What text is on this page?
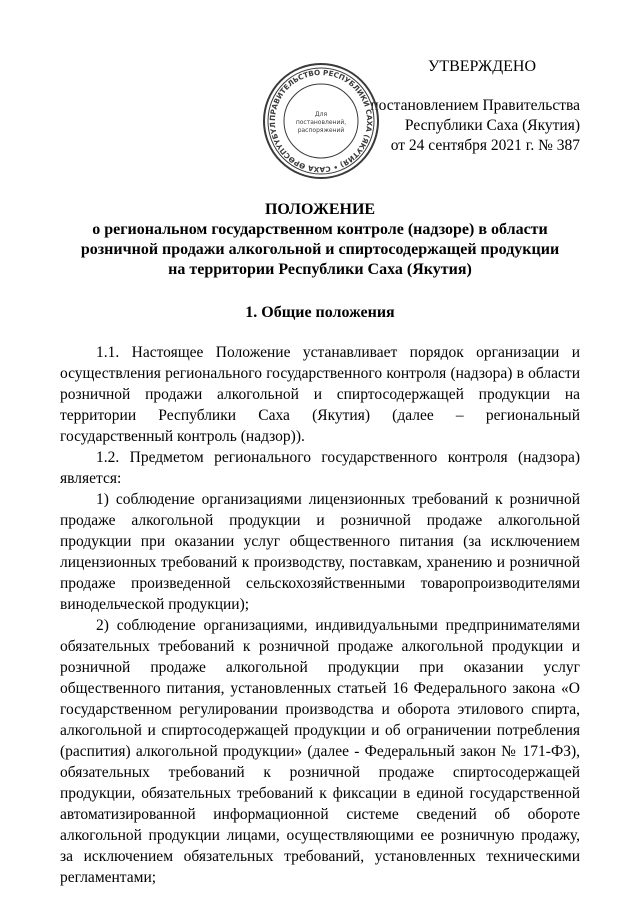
УТВЕРЖДЕНО
постановлением Правительства
Республики Саха (Якутия)
от 24 сентября 2021 г. № 387
ПРАВИТЕЛЬСТВО РЕСПУБЛИКИ САХА (ЯКУТИЯ) • САХА ӨРӨСПҮҮБҮЛ
Для
постановлений,
распоряжений
ПОЛОЖЕНИЕ
о региональном государственном контроле (надзоре) в области
розничной продажи алкогольной и спиртосодержащей продукции
на территории Республики Саха (Якутия)
1. Общие положения

1.1. Настоящее Положение устанавливает порядок организации и осуществления регионального государственного контроля (надзора) в области розничной продажи алкогольной и спиртосодержащей продукции на территории Республики Саха (Якутия) (далее – региональный государственный контроль (надзор)).

1.2. Предметом регионального государственного контроля (надзора) является:

1) соблюдение организациями лицензионных требований к розничной продаже алкогольной продукции и розничной продаже алкогольной продукции при оказании услуг общественного питания (за исключением лицензионных требований к производству, поставкам, хранению и розничной продаже произведенной сельскохозяйственными товаропроизводителями винодельческой продукции);

2) соблюдение организациями, индивидуальными предпринимателями обязательных требований к розничной продаже алкогольной продукции и розничной продаже алкогольной продукции при оказании услуг общественного питания, установленных статьей 16 Федерального закона «О государственном регулировании производства и оборота этилового спирта, алкогольной и спиртосодержащей продукции и об ограничении потребления (распития) алкогольной продукции» (далее - Федеральный закон № 171-ФЗ), обязательных требований к розничной продаже спиртосодержащей продукции, обязательных требований к фиксации в единой государственной автоматизированной информационной системе сведений об обороте алкогольной продукции лицами, осуществляющими ее розничную продажу, за исключением обязательных требований, установленных техническими регламентами;
